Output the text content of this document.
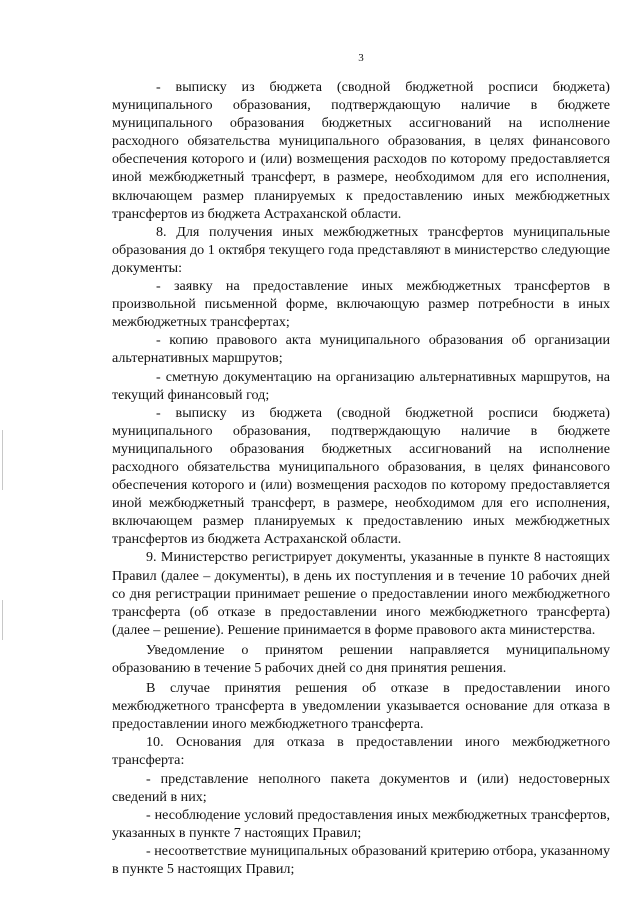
3

- выписку из бюджета (сводной бюджетной росписи бюджета) муниципального образования, подтверждающую наличие в бюджете муниципального образования бюджетных ассигнований на исполнение расходного обязательства муниципального образования, в целях финансового обеспечения которого и (или) возмещения расходов по которому предоставляется иной межбюджетный трансферт, в размере, необходимом для его исполнения, включающем размер планируемых к предоставлению иных межбюджетных трансфертов из бюджета Астраханской области.

8. Для получения иных межбюджетных трансфертов муниципальные образования до 1 октября текущего года представляют в министерство следующие документы:

- заявку на предоставление иных межбюджетных трансфертов в произвольной письменной форме, включающую размер потребности в иных межбюджетных трансфертах;

- копию правового акта муниципального образования об организации альтернативных маршрутов;

- сметную документацию на организацию альтернативных маршрутов, на текущий финансовый год;

- выписку из бюджета (сводной бюджетной росписи бюджета) муниципального образования, подтверждающую наличие в бюджете муниципального образования бюджетных ассигнований на исполнение расходного обязательства муниципального образования, в целях финансового обеспечения которого и (или) возмещения расходов по которому предоставляется иной межбюджетный трансферт, в размере, необходимом для его исполнения, включающем размер планируемых к предоставлению иных межбюджетных трансфертов из бюджета Астраханской области.

9. Министерство регистрирует документы, указанные в пункте 8 настоящих Правил (далее – документы), в день их поступления и в течение 10 рабочих дней со дня регистрации принимает решение о предоставлении иного межбюджетного трансферта (об отказе в предоставлении иного межбюджетного трансферта) (далее – решение). Решение принимается в форме правового акта министерства.

Уведомление о принятом решении направляется муниципальному образованию в течение 5 рабочих дней со дня принятия решения.

В случае принятия решения об отказе в предоставлении иного межбюджетного трансферта в уведомлении указывается основание для отказа в предоставлении иного межбюджетного трансферта.

10. Основания для отказа в предоставлении иного межбюджетного трансферта:

- представление неполного пакета документов и (или) недостоверных сведений в них;

- несоблюдение условий предоставления иных межбюджетных трансфертов, указанных в пункте 7 настоящих Правил;

- несоответствие муниципальных образований критерию отбора, указанному в пункте 5 настоящих Правил;
